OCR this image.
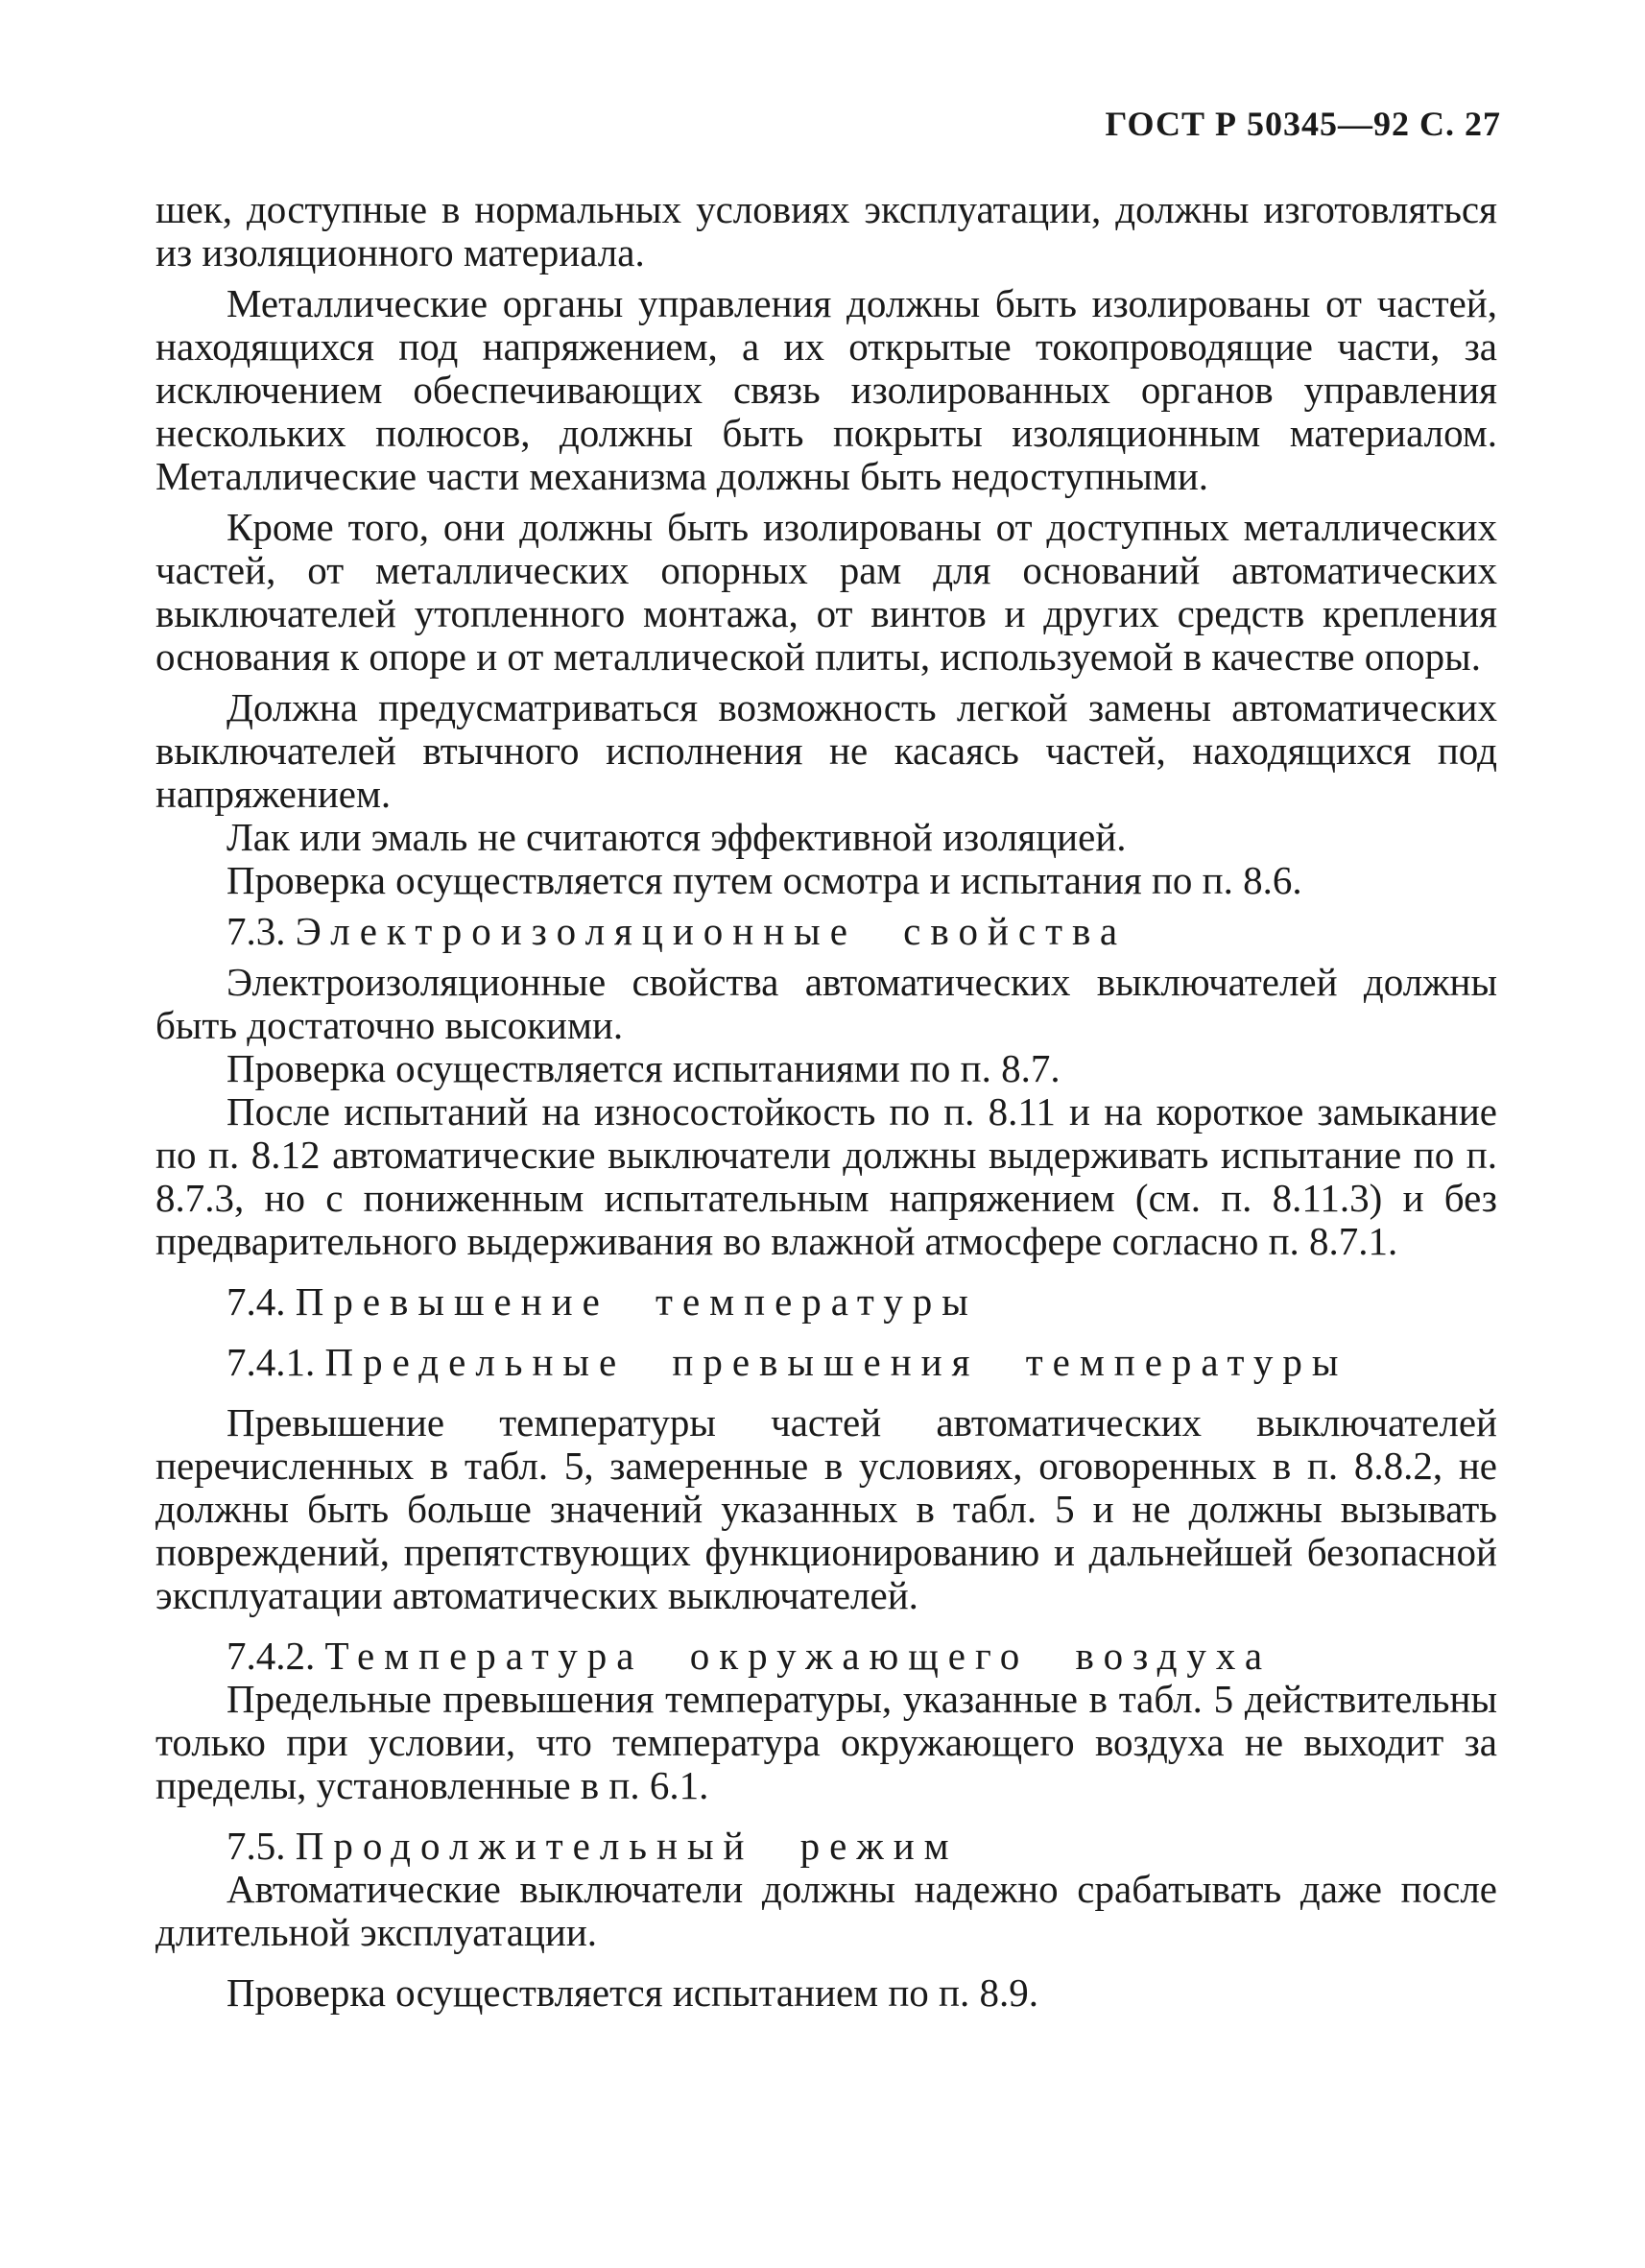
ГОСТ Р 50345—92 С. 27

шек, доступные в нормальных условиях эксплуатации, должны изготовляться из изоляционного материала.

Металлические органы управления должны быть изолированы от частей, находящихся под напряжением, а их открытые токопроводящие части, за исключением обеспечивающих связь изолированных органов управления нескольких полюсов, должны быть покрыты изоляционным материалом. Металлические части механизма должны быть недоступными.

Кроме того, они должны быть изолированы от доступных металлических частей, от металлических опорных рам для оснований автоматических выключателей утопленного монтажа, от винтов и других средств крепления основания к опоре и от металлической плиты, используемой в качестве опоры.

Должна предусматриваться возможность легкой замены автоматических выключателей втычного исполнения не касаясь частей, находящихся под напряжением.

Лак или эмаль не считаются эффективной изоляцией.

Проверка осуществляется путем осмотра и испытания по п. 8.6.

7.3. Электроизоляционные свойства

Электроизоляционные свойства автоматических выключателей должны быть достаточно высокими.

Проверка осуществляется испытаниями по п. 8.7.

После испытаний на износостойкость по п. 8.11 и на короткое замыкание по п. 8.12 автоматические выключатели должны выдерживать испытание по п. 8.7.3, но с пониженным испытательным напряжением (см. п. 8.11.3) и без предварительного выдерживания во влажной атмосфере согласно п. 8.7.1.

7.4. Превышение температуры

7.4.1. Предельные превышения температуры

Превышение температуры частей автоматических выключателей перечисленных в табл. 5, замеренные в условиях, оговоренных в п. 8.8.2, не должны быть больше значений указанных в табл. 5 и не должны вызывать повреждений, препятствующих функционированию и дальнейшей безопасной эксплуатации автоматических выключателей.

7.4.2. Температура окружающего воздуха

Предельные превышения температуры, указанные в табл. 5 действительны только при условии, что температура окружающего воздуха не выходит за пределы, установленные в п. 6.1.

7.5. Продолжительный режим

Автоматические выключатели должны надежно срабатывать даже после длительной эксплуатации.

Проверка осуществляется испытанием по п. 8.9.
